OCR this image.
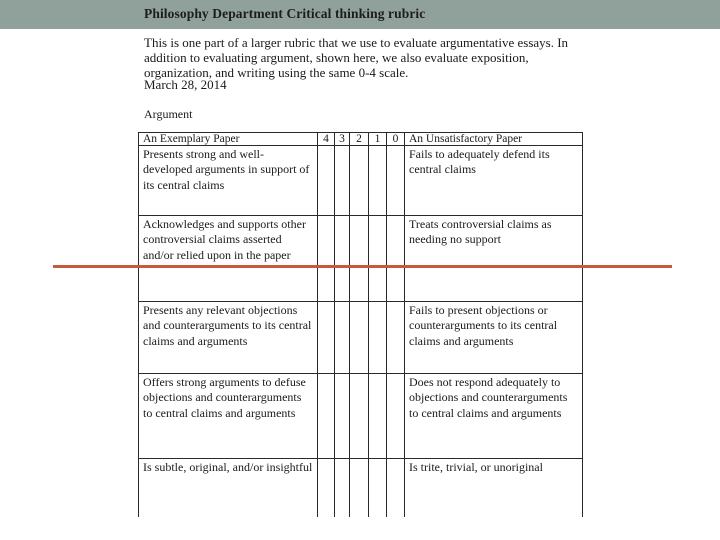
Philosophy Department Critical thinking rubric
This is one part of a larger rubric that we use to evaluate argumentative essays. In addition to evaluating argument, shown here, we also evaluate exposition, organization, and writing using the same 0-4 scale.
March 28, 2014
Argument
An Exemplary Paper	4	3	2	1	0	An Unsatisfactory Paper
Presents strong and well-developed arguments in support of its central claims						Fails to adequately defend its central claims
Acknowledges and supports other controversial claims asserted and/or relied upon in the paper						Treats controversial claims as needing no support
Presents any relevant objections and counterarguments to its central claims and arguments						Fails to present objections or counterarguments to its central claims and arguments
Offers strong arguments to defuse objections and counterarguments to central claims and arguments						Does not respond adequately to objections and counterarguments to central claims and arguments
Is subtle, original, and/or insightful						Is trite, trivial, or unoriginal
